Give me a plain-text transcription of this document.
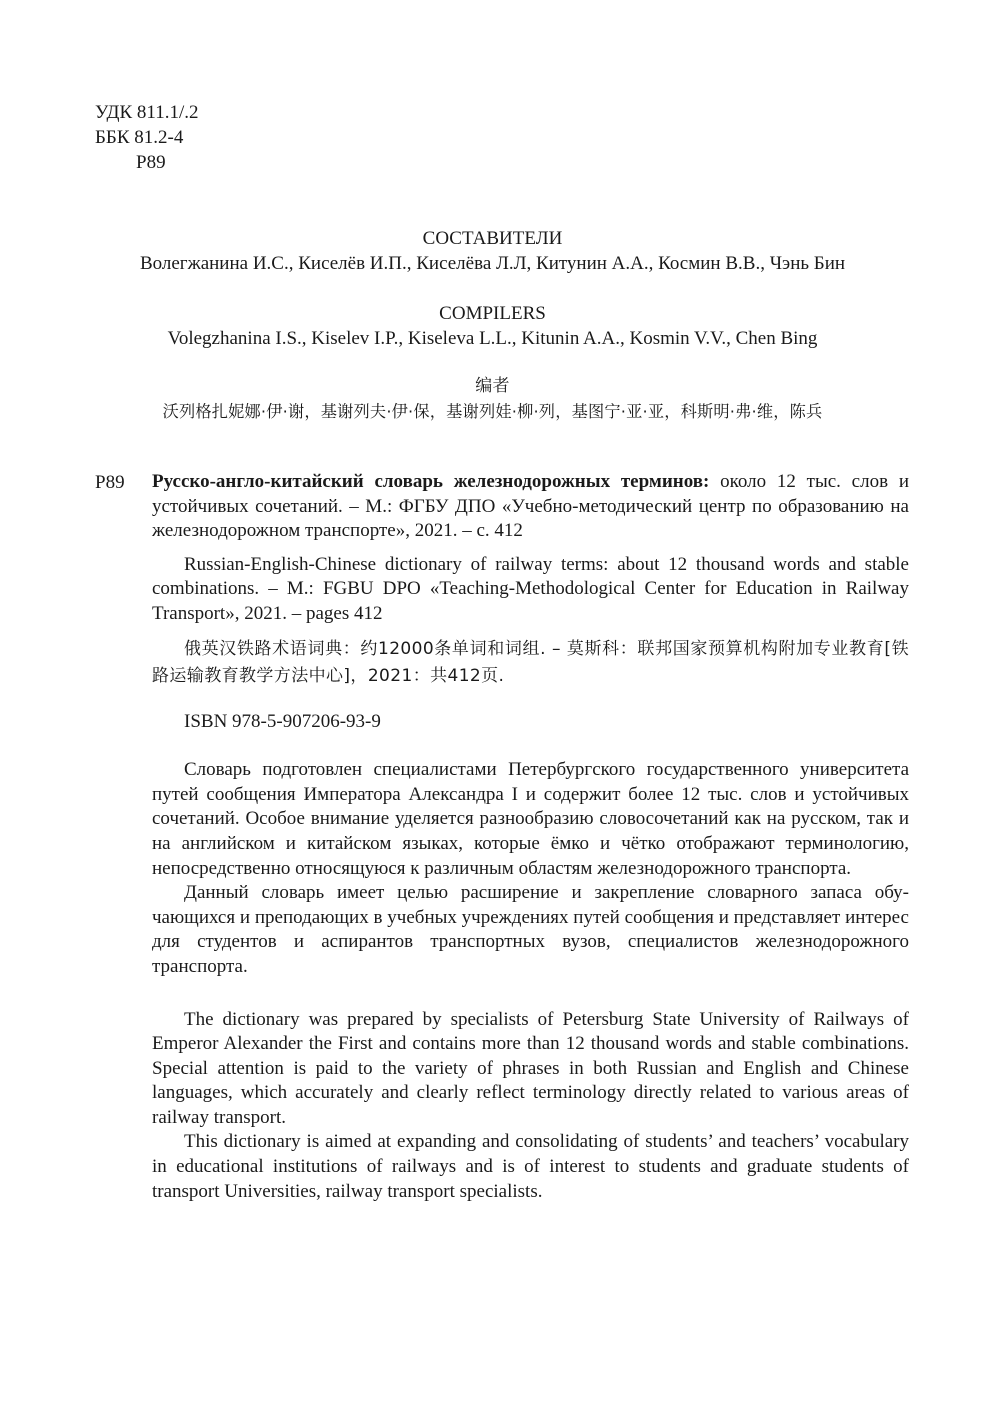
УДК 811.1/.2
ББК 81.2-4
Р89
СОСТАВИТЕЛИ
Волегжанина И.С., Киселёв И.П., Киселёва Л.Л, Китунин А.А., Космин В.В., Чэнь Бин
COMPILERS
Volegzhanina I.S., Kiselev I.P., Kiseleva L.L., Kitunin A.A., Kosmin V.V., Chen Bing
编者
沃列格扎妮娜·伊·谢，基谢列夫·伊·保，基谢列娃·柳·列，基图宁·亚·亚，科斯明·弗·维，陈兵
Р89 Русско-англо-китайский словарь железнодорожных терминов: около 12 тыс. слов и устойчивых сочетаний. – М.: ФГБУ ДПО «Учебно-методический центр по образованию на железнодорожном транспорте», 2021. – с. 412

Russian-English-Chinese dictionary of railway terms: about 12 thousand words and stable combinations. – M.: FGBU DPO «Teaching-Methodological Center for Education in Railway Transport», 2021. – pages 412

俄英汉铁路术语词典：约12000条单词和词组. – 莫斯科：联邦国家预算机构附加专业教育[铁路运输教育教学方法中心]，2021：共412页.

ISBN 978-5-907206-93-9

Словарь подготовлен специалистами Петербургского государственного университета путей сообщения Императора Александра I и содержит более 12 тыс. слов и устойчивых сочетаний. Особое внимание уделяется разнообразию словосочетаний как на русском, так и на английском и китайском языках, которые ёмко и чётко отображают терминологию, непосредственно относящуюся к различным областям железнодорожного транспорта.

Данный словарь имеет целью расширение и закрепление словарного запаса обучающихся и преподающих в учебных учреждениях путей сообщения и представляет интерес для студентов и аспирантов транспортных вузов, специалистов железнодорожного транспорта.

The dictionary was prepared by specialists of Petersburg State University of Railways of Emperor Alexander the First and contains more than 12 thousand words and stable combinations. Special attention is paid to the variety of phrases in both Russian and English and Chinese languages, which accurately and clearly reflect terminology directly related to various areas of railway transport.

This dictionary is aimed at expanding and consolidating of students’ and teachers’ vocabulary in educational institutions of railways and is of interest to students and graduate students of transport Universities, railway transport specialists.
